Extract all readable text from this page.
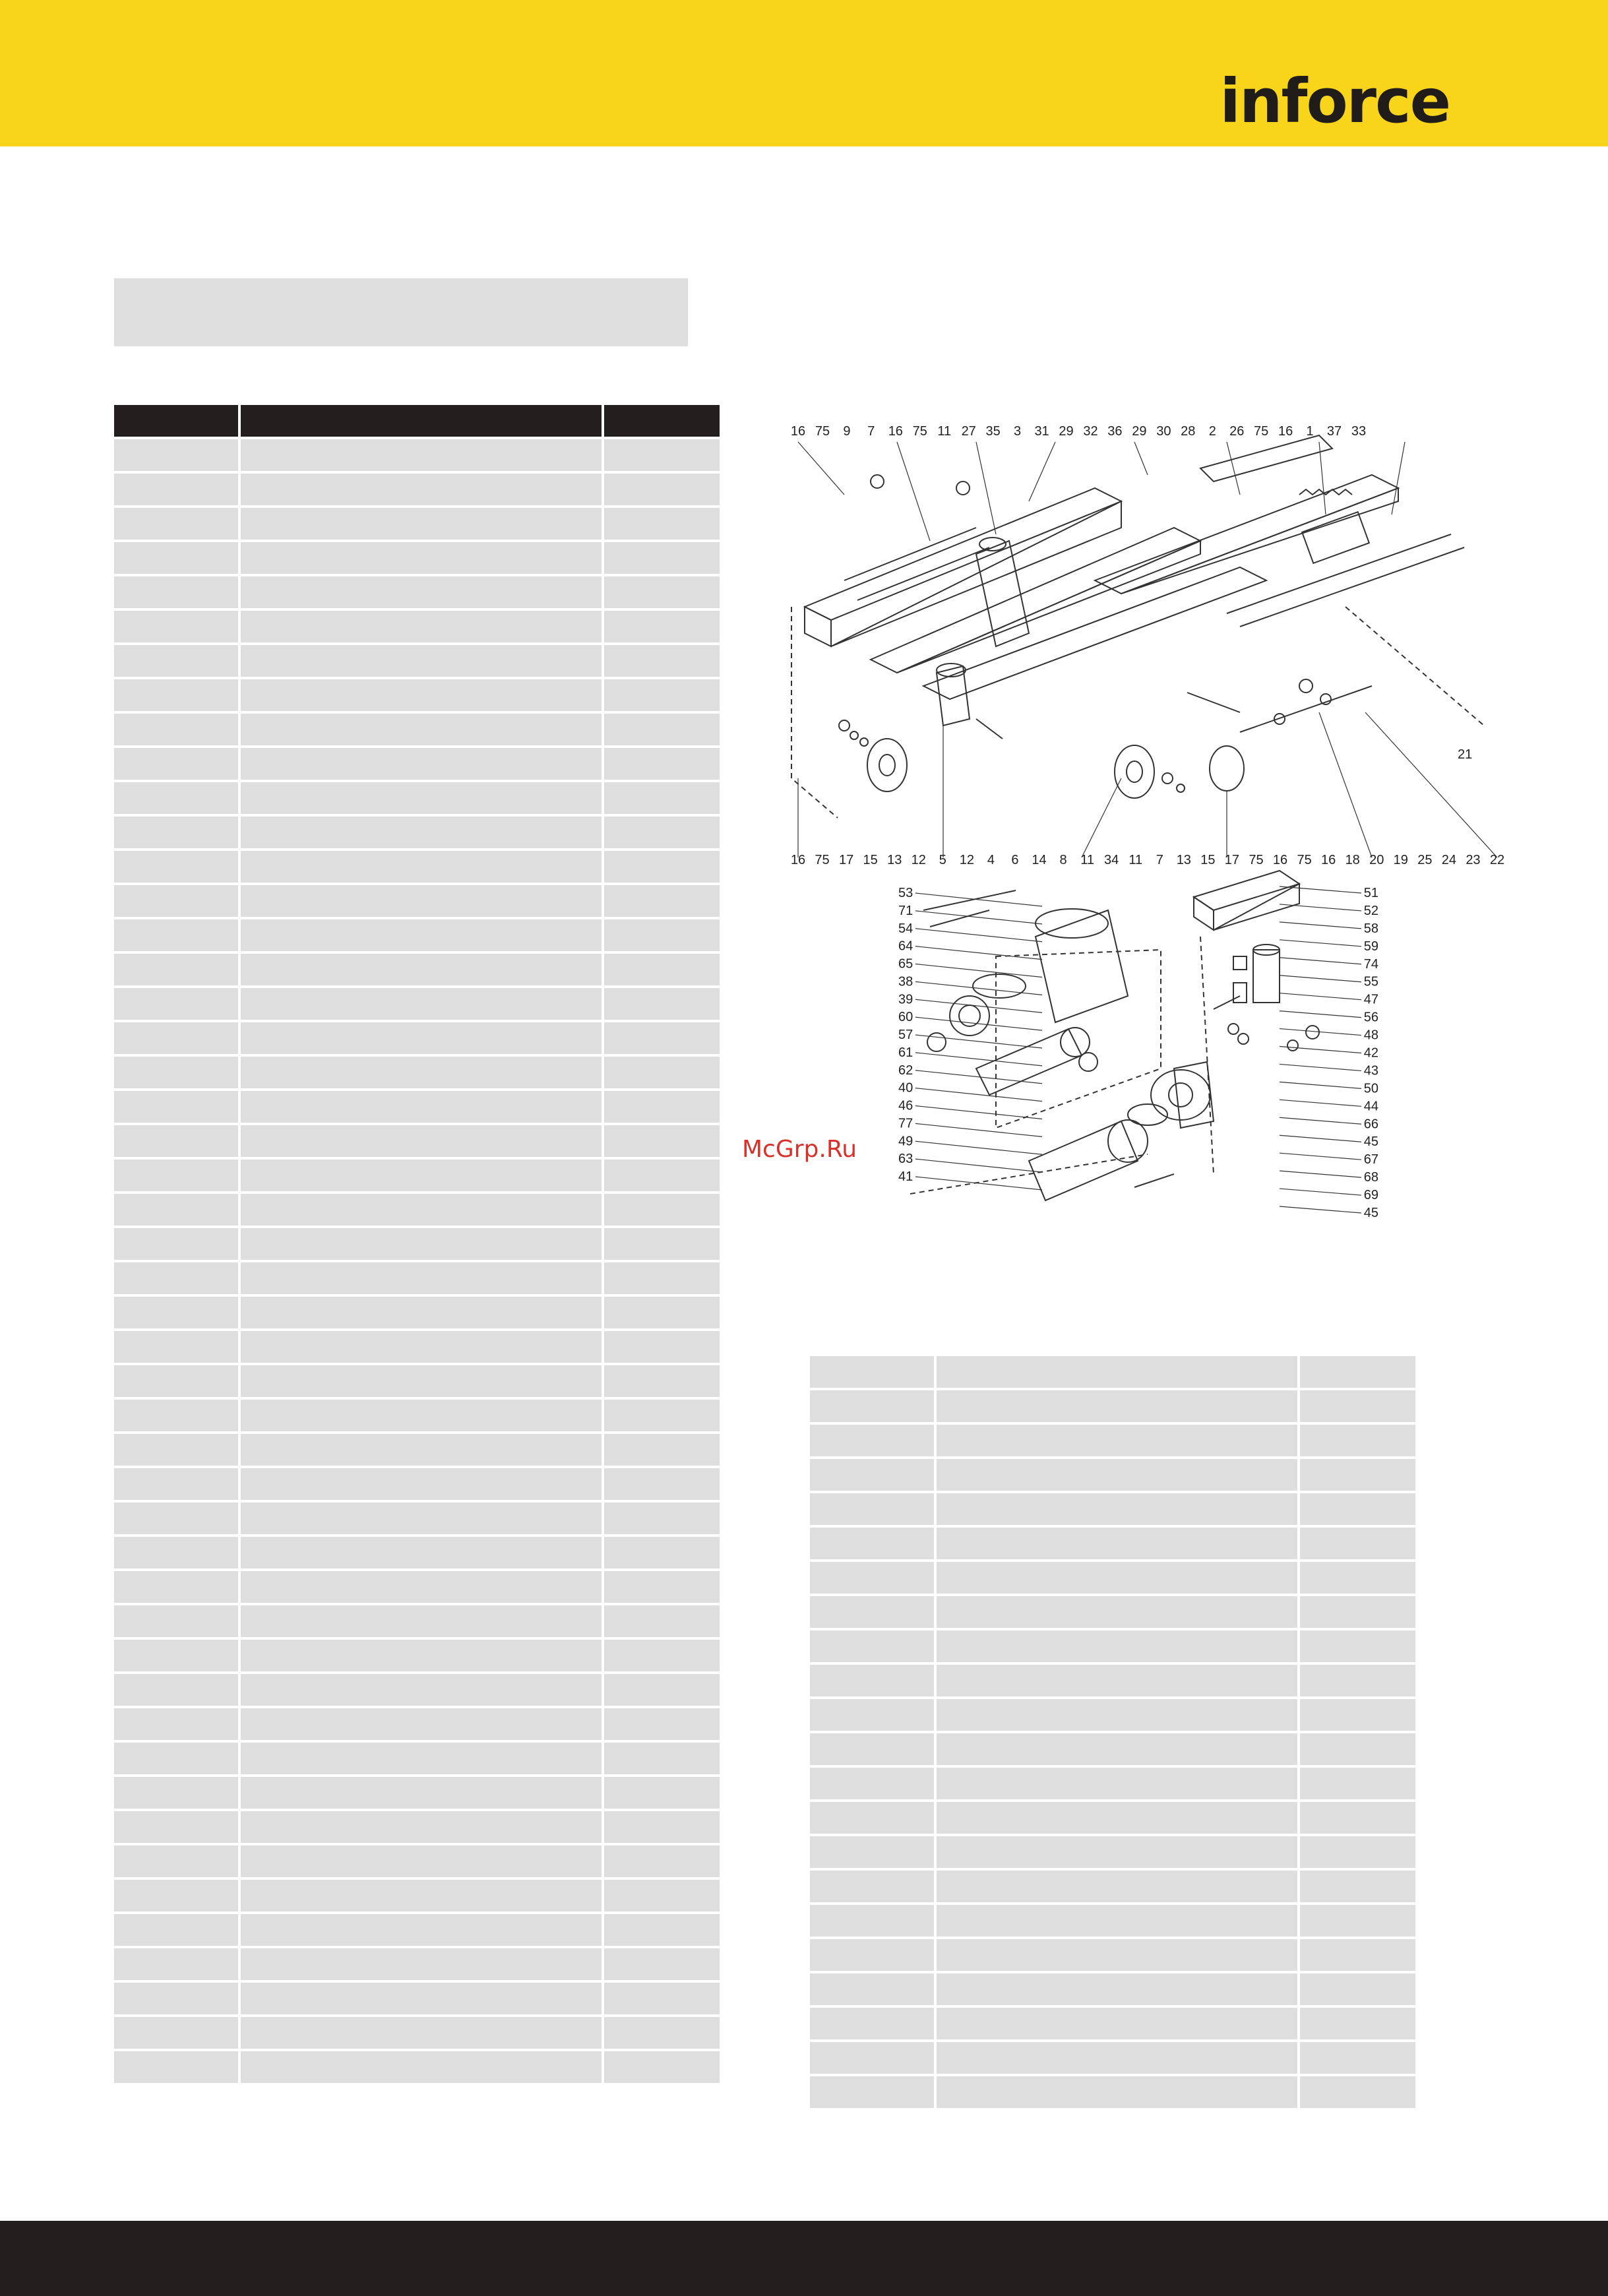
inforce

16 75 9 7 16 75 11 27 35 3 31 29 32 36 29 30 28 2 26 75 16 1 37 33
16 75 17 15 13 12 5 12 4 6 14 8 11 34 11 7 13 15 17 75 16 75 16 18 20 19 25 24 23 22
21
53
71
54
64
65
38
39
60
57
61
62
40
46
77
49
63
41
51
52
58
59
74
55
47
56
48
42
43
50
44
66
45
67
68
69
45
McGrp.Ru
